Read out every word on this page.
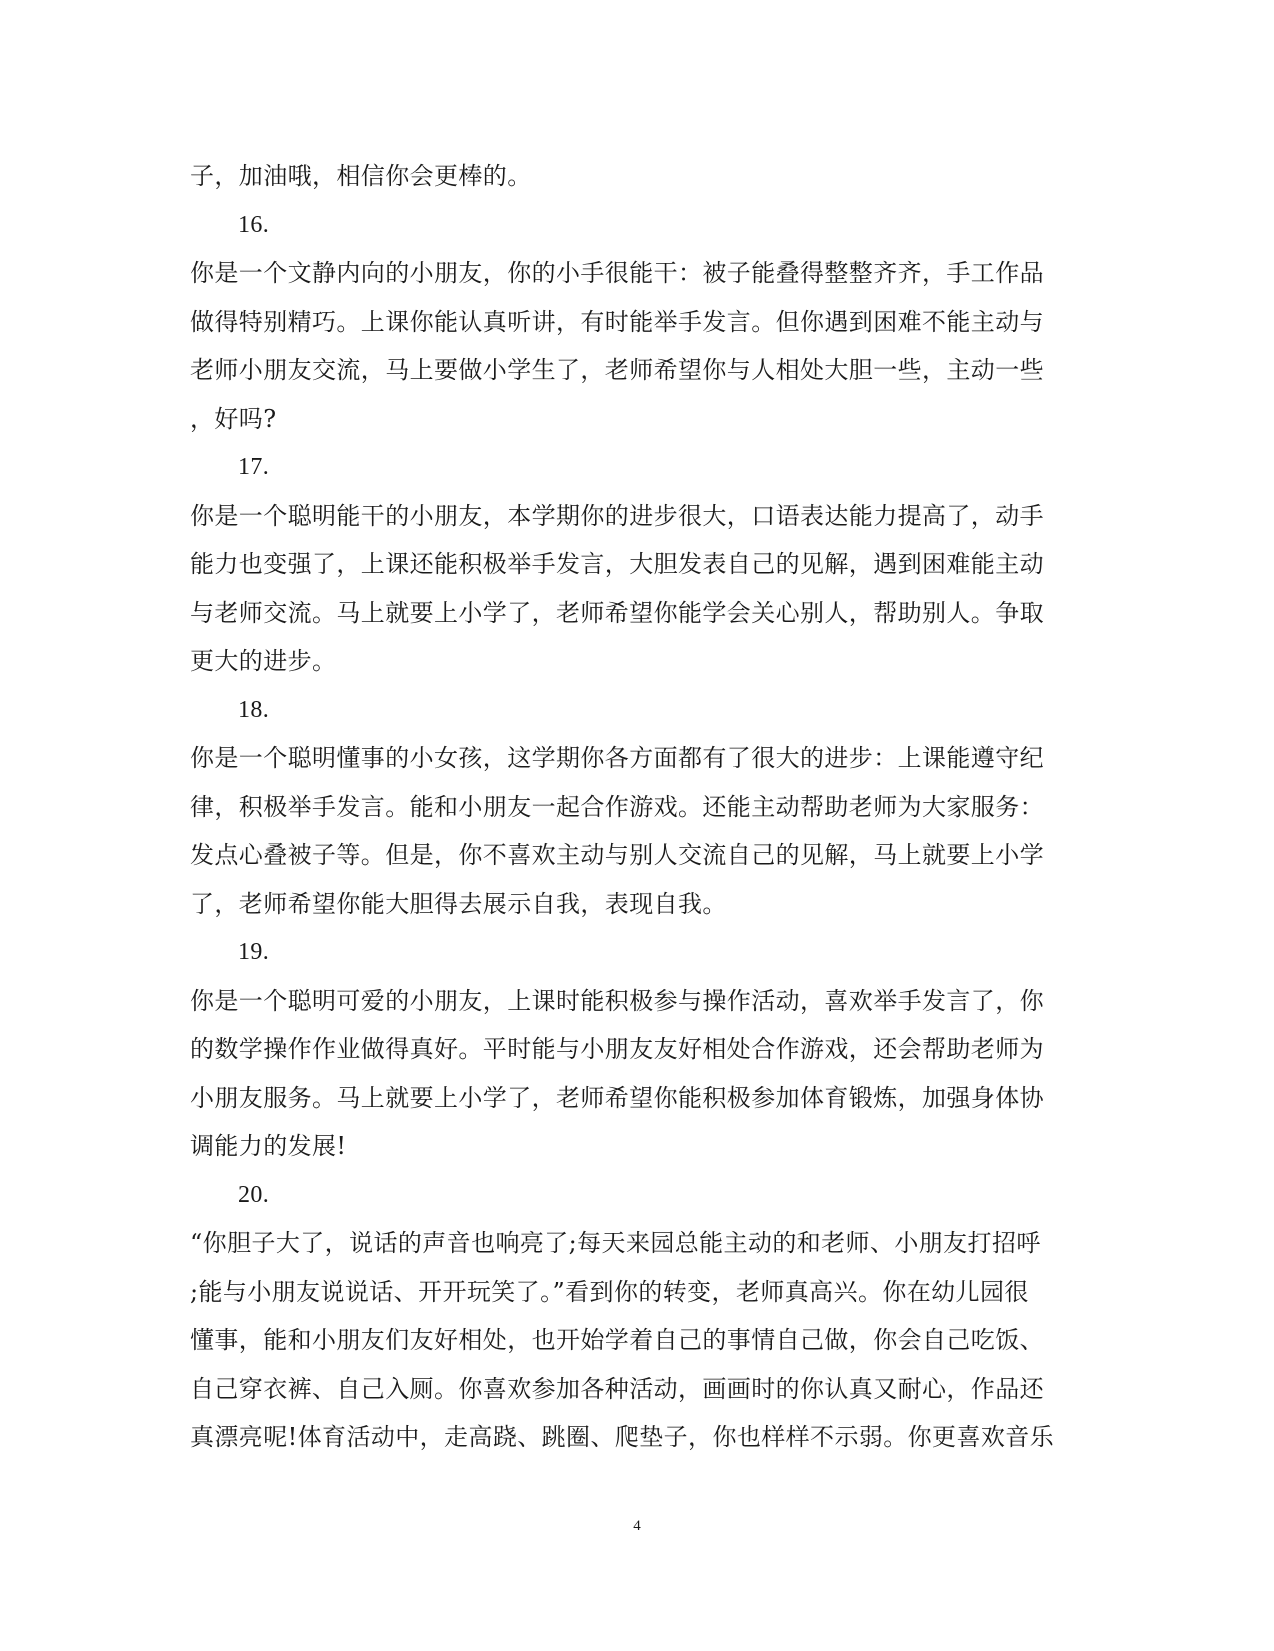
子，加油哦，相信你会更棒的。
16.
你是一个文静内向的小朋友，你的小手很能干：被子能叠得整整齐齐，手工作品
做得特别精巧。上课你能认真听讲，有时能举手发言。但你遇到困难不能主动与
老师小朋友交流，马上要做小学生了，老师希望你与人相处大胆一些，主动一些
，好吗?
17.
你是一个聪明能干的小朋友，本学期你的进步很大，口语表达能力提高了，动手
能力也变强了，上课还能积极举手发言，大胆发表自己的见解，遇到困难能主动
与老师交流。马上就要上小学了，老师希望你能学会关心别人，帮助别人。争取
更大的进步。
18.
你是一个聪明懂事的小女孩，这学期你各方面都有了很大的进步：上课能遵守纪
律，积极举手发言。能和小朋友一起合作游戏。还能主动帮助老师为大家服务：
发点心叠被子等。但是，你不喜欢主动与别人交流自己的见解，马上就要上小学
了，老师希望你能大胆得去展示自我，表现自我。
19.
你是一个聪明可爱的小朋友，上课时能积极参与操作活动，喜欢举手发言了，你
的数学操作作业做得真好。平时能与小朋友友好相处合作游戏，还会帮助老师为
小朋友服务。马上就要上小学了，老师希望你能积极参加体育锻炼，加强身体协
调能力的发展!
20.
“你胆子大了，说话的声音也响亮了;每天来园总能主动的和老师、小朋友打招呼
;能与小朋友说说话、开开玩笑了。”看到你的转变，老师真高兴。你在幼儿园很
懂事，能和小朋友们友好相处，也开始学着自己的事情自己做，你会自己吃饭、
自己穿衣裤、自己入厕。你喜欢参加各种活动，画画时的你认真又耐心，作品还
真漂亮呢!体育活动中，走高跷、跳圈、爬垫子，你也样样不示弱。你更喜欢音乐
4
